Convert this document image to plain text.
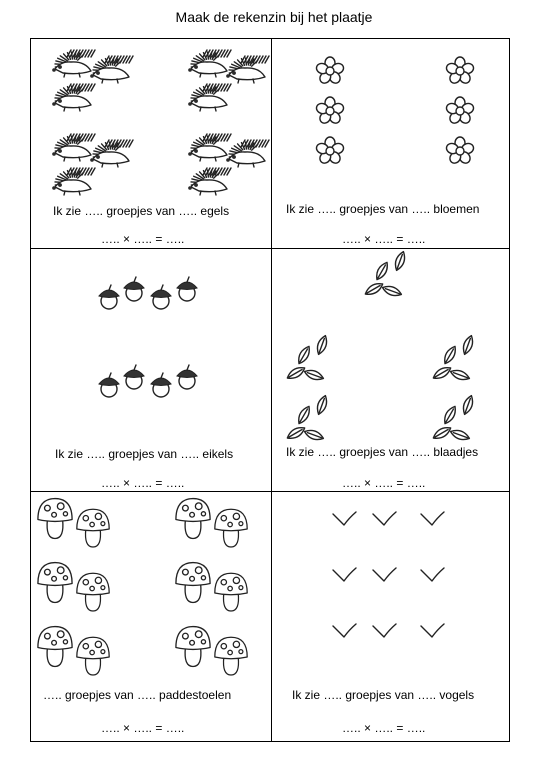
Maak de rekenzin bij het plaatje
Ik zie ….. groepjes van ….. egels
….. × ….. = …..
Ik zie ….. groepjes van ….. bloemen
….. × ….. = …..
Ik zie ….. groepjes van ….. eikels
….. × ….. = …..
Ik zie ….. groepjes van ….. blaadjes
….. × ….. = …..
….. groepjes van ….. paddestoelen
….. × ….. = …..
Ik zie ….. groepjes van ….. vogels
….. × ….. = …..
